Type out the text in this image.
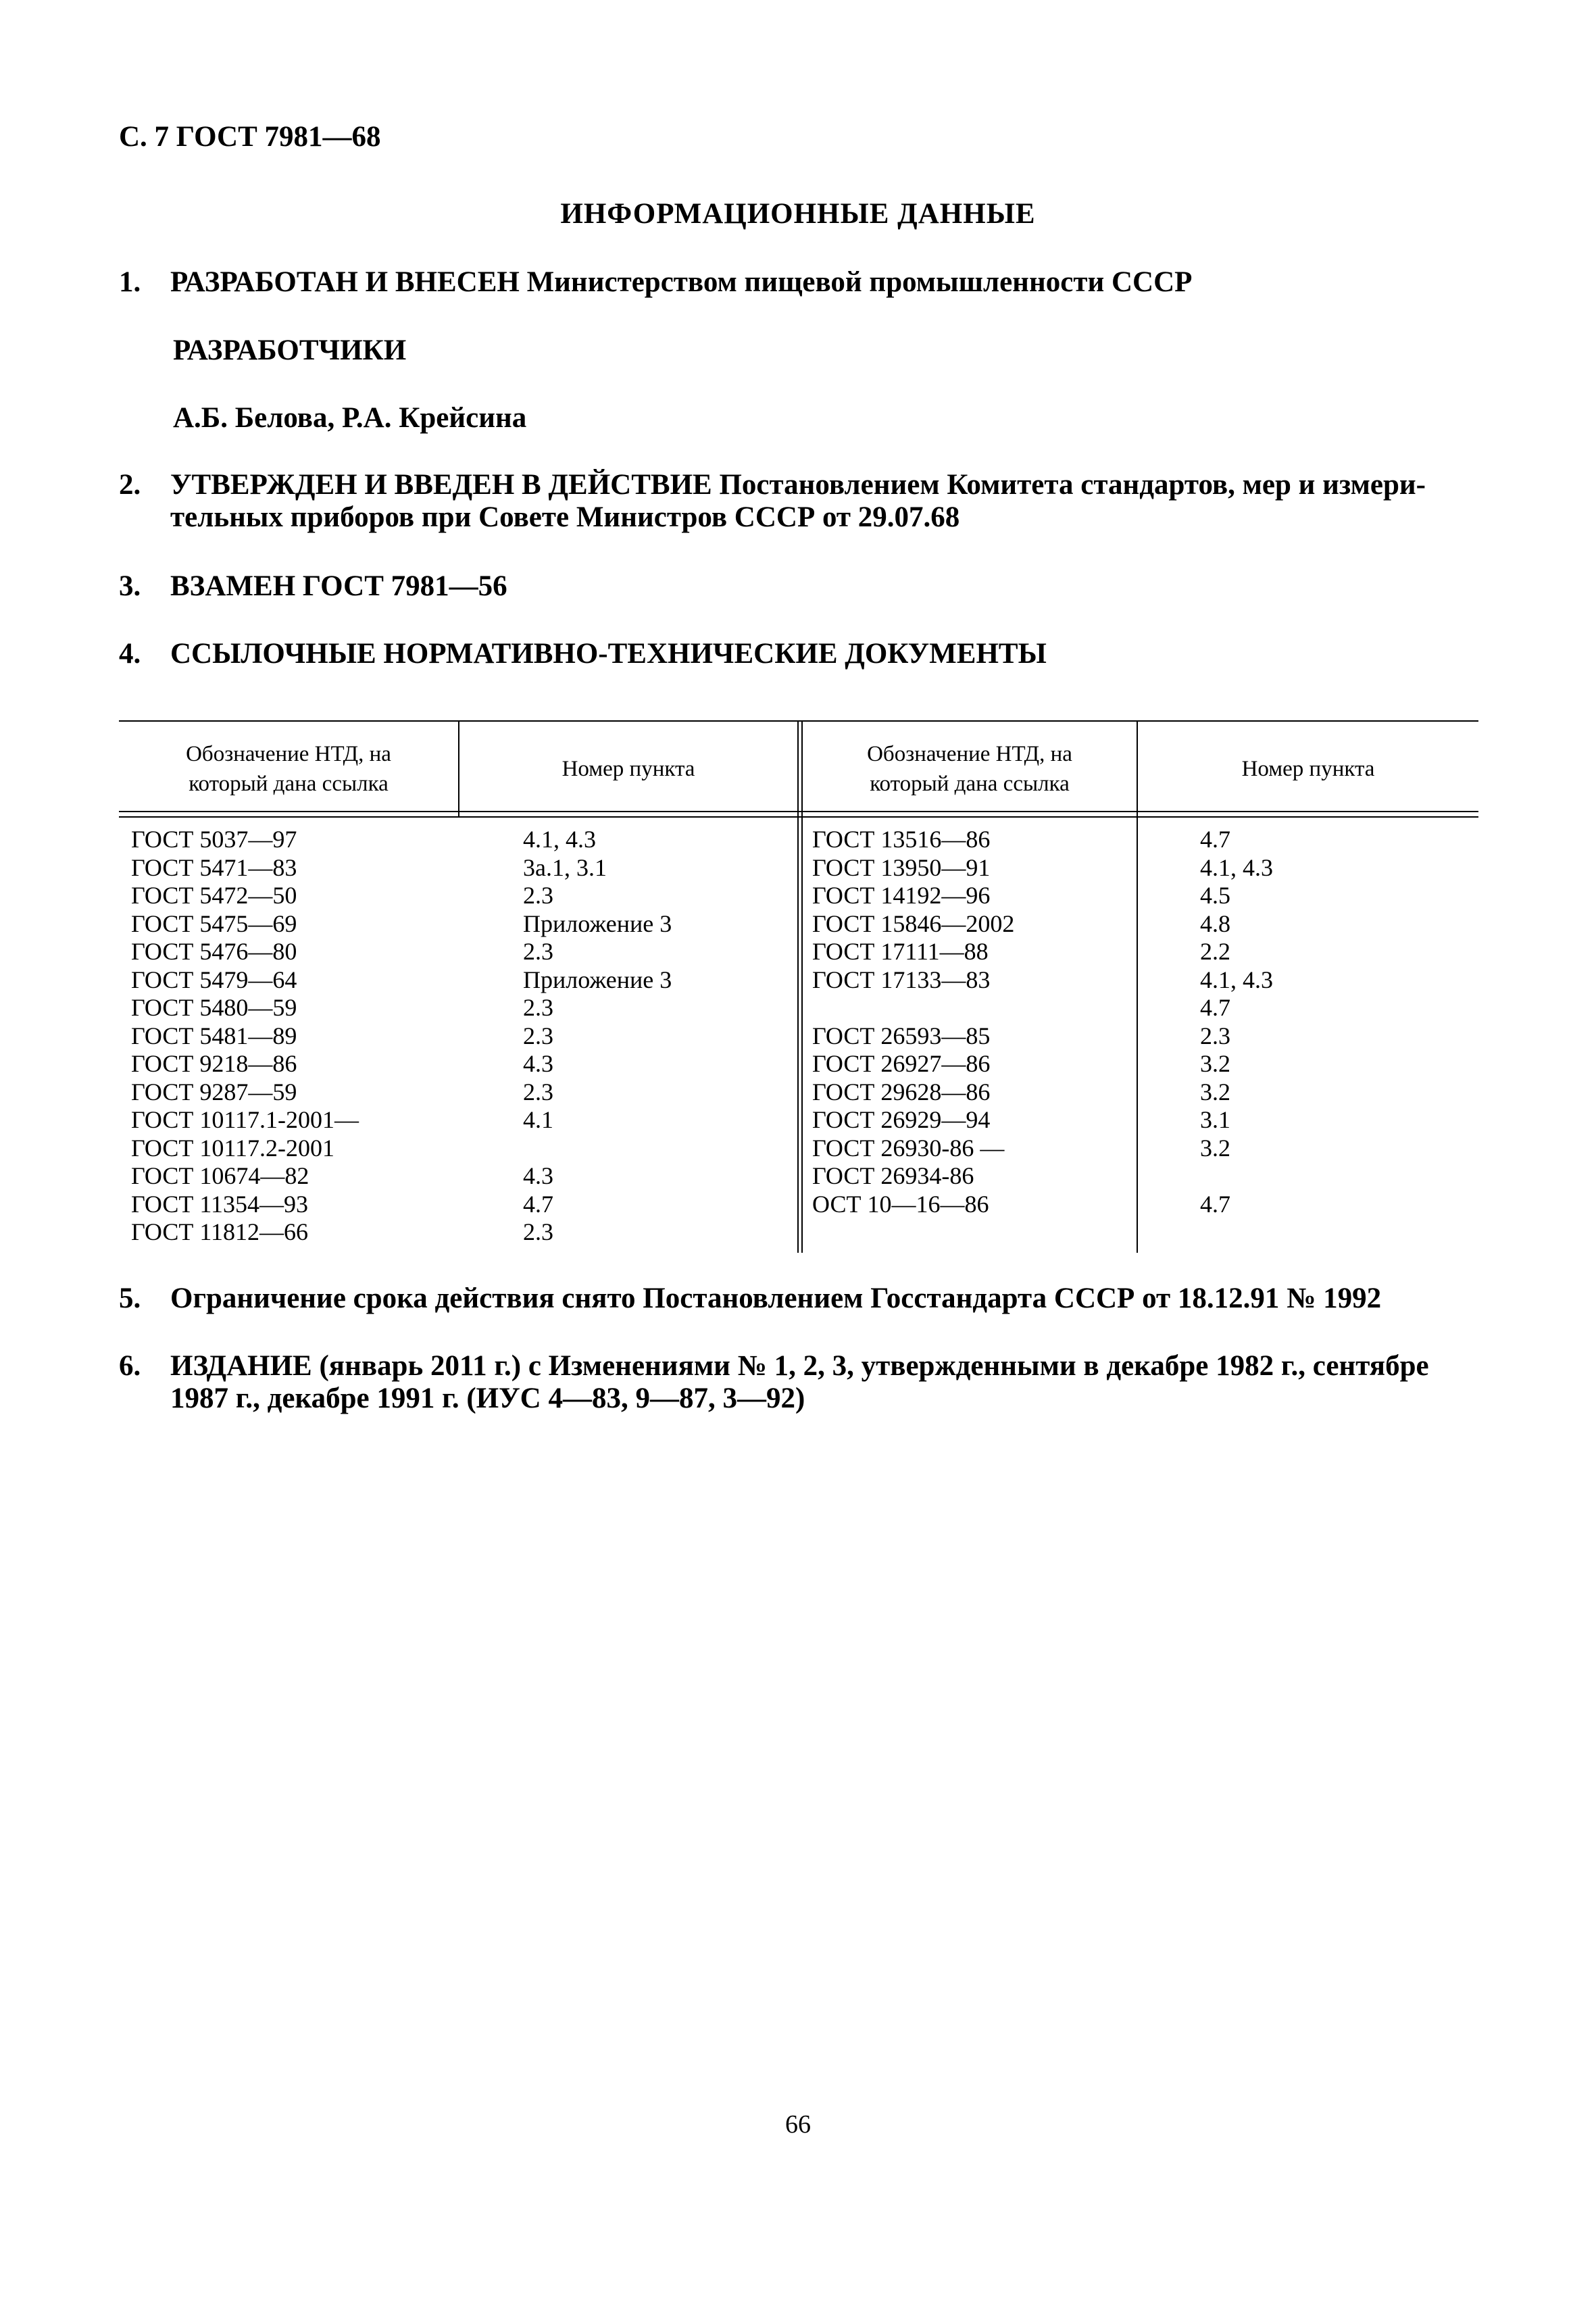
С. 7 ГОСТ 7981—68
ИНФОРМАЦИОННЫЕ ДАННЫЕ
1. РАЗРАБОТАН И ВНЕСЕН Министерством пищевой промышленности СССР
РАЗРАБОТЧИКИ
А.Б. Белова, Р.А. Крейсина
2. УТВЕРЖДЕН И ВВЕДЕН В ДЕЙСТВИЕ Постановлением Комитета стандартов, мер и измери-
тельных приборов при Совете Министров СССР от 29.07.68
3. ВЗАМЕН ГОСТ 7981—56
4. ССЫЛОЧНЫЕ НОРМАТИВНО-ТЕХНИЧЕСКИЕ ДОКУМЕНТЫ
Обозначение НТД, на
который дана ссылка
Номер пункта
Обозначение НТД, на
который дана ссылка
Номер пункта
ГОСТ 5037—97
ГОСТ 5471—83
ГОСТ 5472—50
ГОСТ 5475—69
ГОСТ 5476—80
ГОСТ 5479—64
ГОСТ 5480—59
ГОСТ 5481—89
ГОСТ 9218—86
ГОСТ 9287—59
ГОСТ 10117.1-2001—
ГОСТ 10117.2-2001
ГОСТ 10674—82
ГОСТ 11354—93
ГОСТ 11812—66
4.1, 4.3
3а.1, 3.1
2.3
Приложение 3
2.3
Приложение 3
2.3
2.3
4.3
2.3
4.1
4.3
4.7
2.3
ГОСТ 13516—86
ГОСТ 13950—91
ГОСТ 14192—96
ГОСТ 15846—2002
ГОСТ 17111—88
ГОСТ 17133—83
ГОСТ 26593—85
ГОСТ 26927—86
ГОСТ 29628—86
ГОСТ 26929—94
ГОСТ 26930-86 —
ГОСТ 26934-86
ОСТ 10—16—86
4.7
4.1, 4.3
4.5
4.8
2.2
4.1, 4.3
4.7
2.3
3.2
3.2
3.1
3.2
4.7
5. Ограничение срока действия снято Постановлением Госстандарта СССР от 18.12.91 № 1992
6. ИЗДАНИЕ (январь 2011 г.) с Изменениями № 1, 2, 3, утвержденными в декабре 1982 г., сентябре
1987 г., декабре 1991 г. (ИУС 4—83, 9—87, 3—92)
66
